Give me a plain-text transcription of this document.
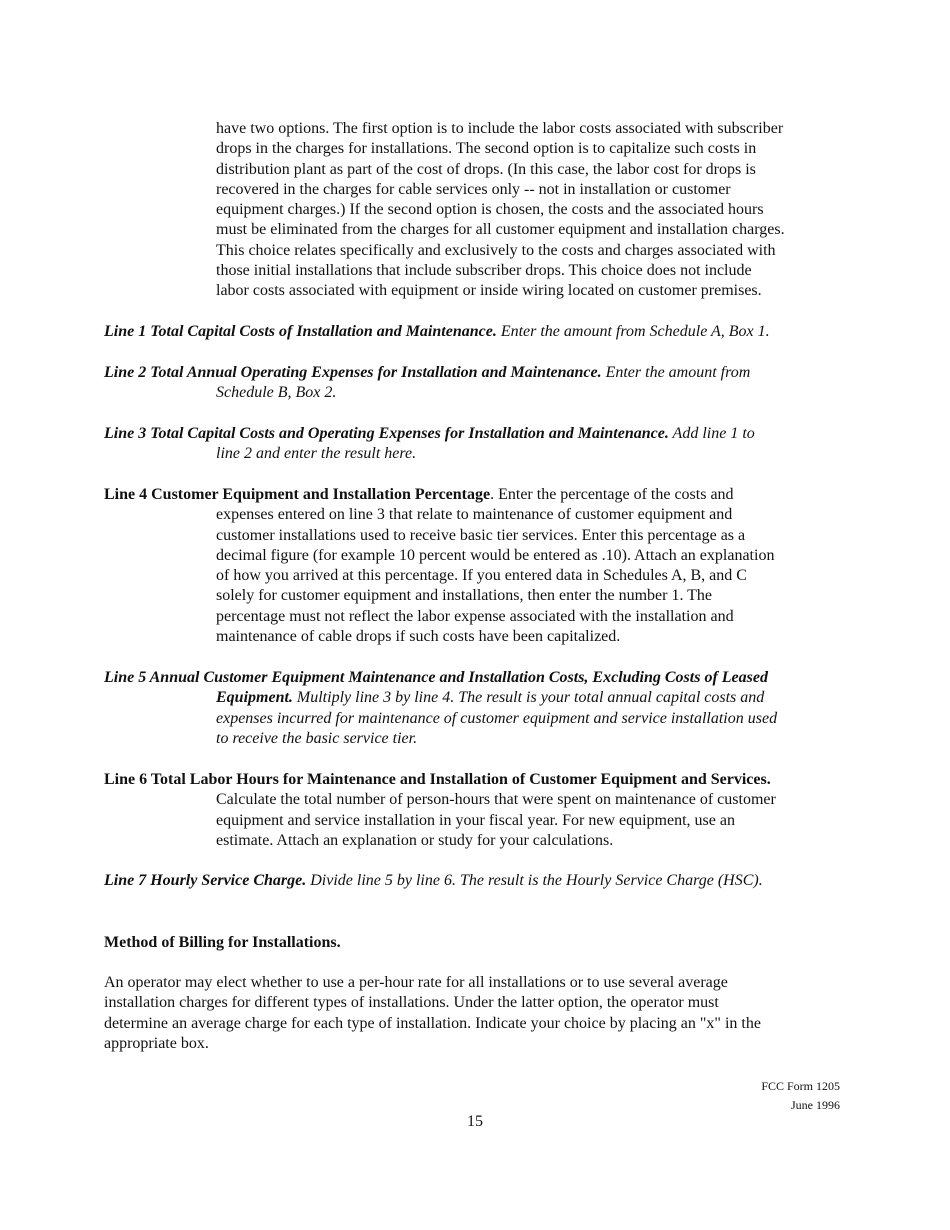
have two options. The first option is to include the labor costs associated with subscriber
drops in the charges for installations. The second option is to capitalize such costs in
distribution plant as part of the cost of drops. (In this case, the labor cost for drops is
recovered in the charges for cable services only -- not in installation or customer
equipment charges.) If the second option is chosen, the costs and the associated hours
must be eliminated from the charges for all customer equipment and installation charges.
This choice relates specifically and exclusively to the costs and charges associated with
those initial installations that include subscriber drops. This choice does not include
labor costs associated with equipment or inside wiring located on customer premises.
Line 1 Total Capital Costs of Installation and Maintenance. Enter the amount from Schedule A, Box 1.
Line 2 Total Annual Operating Expenses for Installation and Maintenance. Enter the amount from
Schedule B, Box 2.
Line 3 Total Capital Costs and Operating Expenses for Installation and Maintenance. Add line 1 to
line 2 and enter the result here.
Line 4 Customer Equipment and Installation Percentage. Enter the percentage of the costs and
expenses entered on line 3 that relate to maintenance of customer equipment and
customer installations used to receive basic tier services. Enter this percentage as a
decimal figure (for example 10 percent would be entered as .10). Attach an explanation
of how you arrived at this percentage. If you entered data in Schedules A, B, and C
solely for customer equipment and installations, then enter the number 1. The
percentage must not reflect the labor expense associated with the installation and
maintenance of cable drops if such costs have been capitalized.
Line 5 Annual Customer Equipment Maintenance and Installation Costs, Excluding Costs of Leased
Equipment. Multiply line 3 by line 4. The result is your total annual capital costs and
expenses incurred for maintenance of customer equipment and service installation used
to receive the basic service tier.
Line 6 Total Labor Hours for Maintenance and Installation of Customer Equipment and Services.
Calculate the total number of person-hours that were spent on maintenance of customer
equipment and service installation in your fiscal year. For new equipment, use an
estimate. Attach an explanation or study for your calculations.
Line 7 Hourly Service Charge. Divide line 5 by line 6. The result is the Hourly Service Charge (HSC).
Method of Billing for Installations.
An operator may elect whether to use a per-hour rate for all installations or to use several average
installation charges for different types of installations. Under the latter option, the operator must
determine an average charge for each type of installation. Indicate your choice by placing an "x" in the
appropriate box.
FCC Form 1205
June 1996
15
